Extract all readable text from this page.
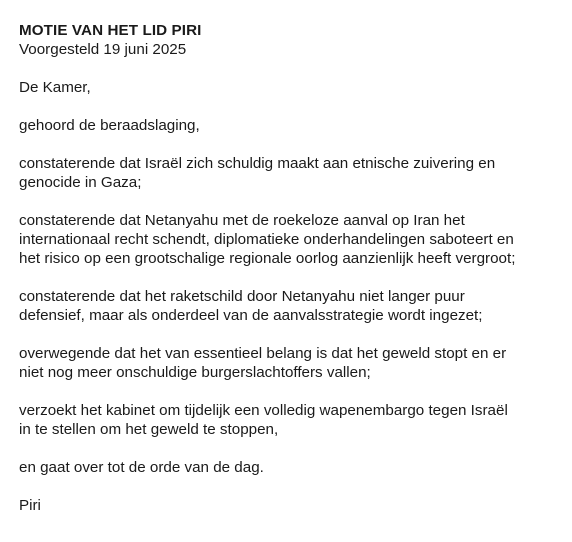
MOTIE VAN HET LID PIRI
Voorgesteld 19 juni 2025
De Kamer,
gehoord de beraadslaging,
constaterende dat Israël zich schuldig maakt aan etnische zuivering en
genocide in Gaza;
constaterende dat Netanyahu met de roekeloze aanval op Iran het
internationaal recht schendt, diplomatieke onderhandelingen saboteert en
het risico op een grootschalige regionale oorlog aanzienlijk heeft vergroot;
constaterende dat het raketschild door Netanyahu niet langer puur
defensief, maar als onderdeel van de aanvalsstrategie wordt ingezet;
overwegende dat het van essentieel belang is dat het geweld stopt en er
niet nog meer onschuldige burgerslachtoffers vallen;
verzoekt het kabinet om tijdelijk een volledig wapenembargo tegen Israël
in te stellen om het geweld te stoppen,
en gaat over tot de orde van de dag.
Piri
